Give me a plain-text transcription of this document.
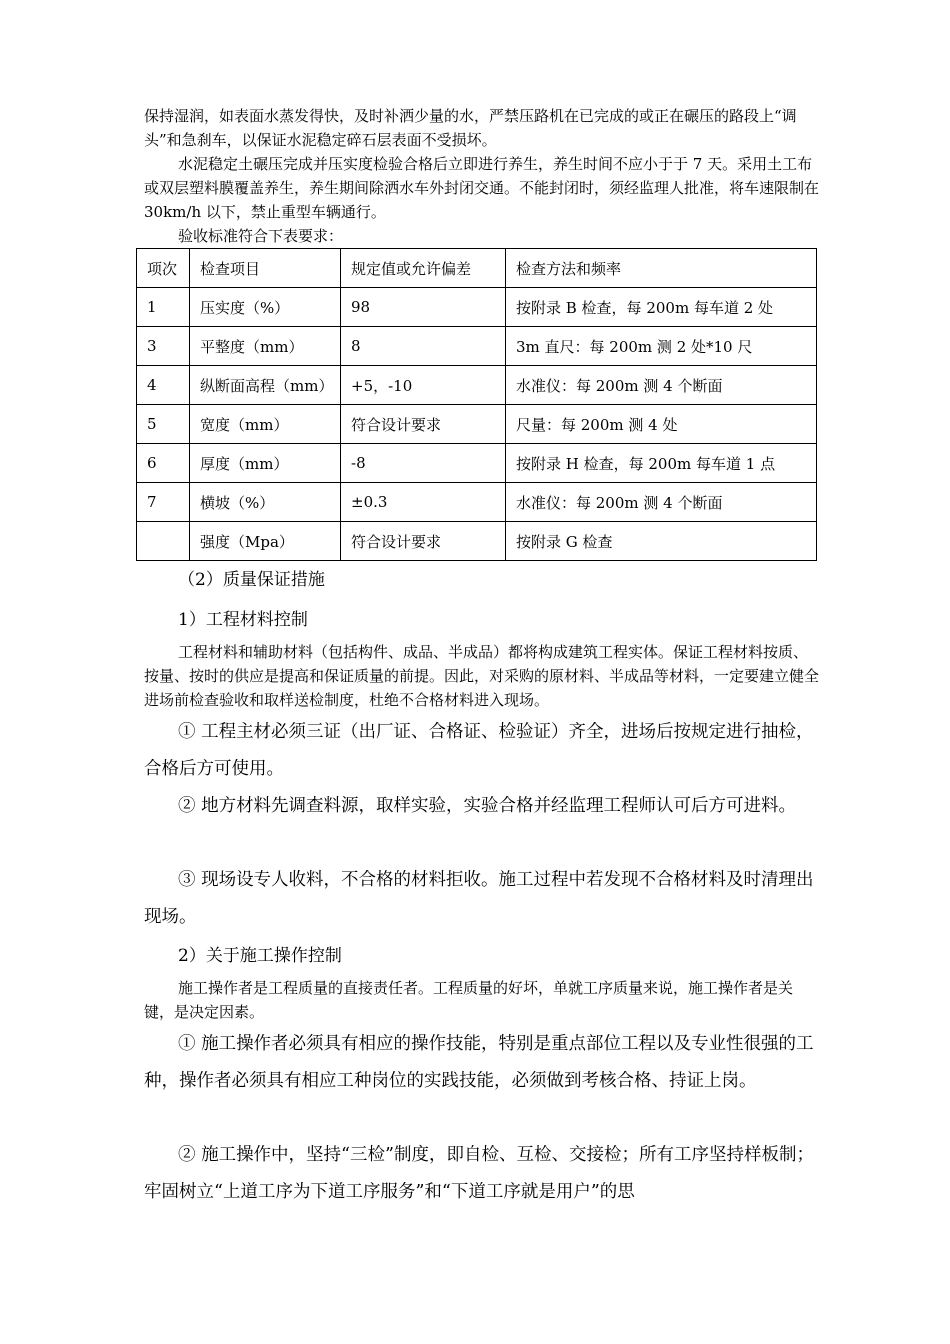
保持湿润，如表面水蒸发得快，及时补洒少量的水，严禁压路机在已完成的或正在碾压的路段上“调头”和急刹车，以保证水泥稳定碎石层表面不受损坏。

水泥稳定土碾压完成并压实度检验合格后立即进行养生，养生时间不应小于于 7 天。采用土工布或双层塑料膜覆盖养生，养生期间除洒水车外封闭交通。不能封闭时，须经监理人批准，将车速限制在 30km/h 以下，禁止重型车辆通行。

验收标准符合下表要求：

项次	检查项目	规定值或允许偏差	检查方法和频率
1	压实度（%）	98	按附录 B 检查，每 200m 每车道 2 处
3	平整度（mm）	8	3m 直尺：每 200m 测 2 处*10 尺
4	纵断面高程（mm）	+5，-10	水准仪：每 200m 测 4 个断面
5	宽度（mm）	符合设计要求	尺量：每 200m 测 4 处
6	厚度（mm）	-8	按附录 H 检查，每 200m 每车道 1 点
7	横坡（%）	±0.3	水准仪：每 200m 测 4 个断面
	强度（Mpa）	符合设计要求	按附录 G 检查

（2）质量保证措施

1）工程材料控制

工程材料和辅助材料（包括构件、成品、半成品）都将构成建筑工程实体。保证工程材料按质、按量、按时的供应是提高和保证质量的前提。因此，对采购的原材料、半成品等材料，一定要建立健全进场前检查验收和取样送检制度，杜绝不合格材料进入现场。

① 工程主材必须三证（出厂证、合格证、检验证）齐全，进场后按规定进行抽检，合格后方可使用。

② 地方材料先调查料源，取样实验，实验合格并经监理工程师认可后方可进料。

③ 现场设专人收料，不合格的材料拒收。施工过程中若发现不合格材料及时清理出现场。

2）关于施工操作控制

施工操作者是工程质量的直接责任者。工程质量的好坏，单就工序质量来说，施工操作者是关键，是决定因素。

① 施工操作者必须具有相应的操作技能，特别是重点部位工程以及专业性很强的工种，操作者必须具有相应工种岗位的实践技能，必须做到考核合格、持证上岗。

② 施工操作中，坚持“三检”制度，即自检、互检、交接检；所有工序坚持样板制；牢固树立“上道工序为下道工序服务”和“下道工序就是用户”的思
